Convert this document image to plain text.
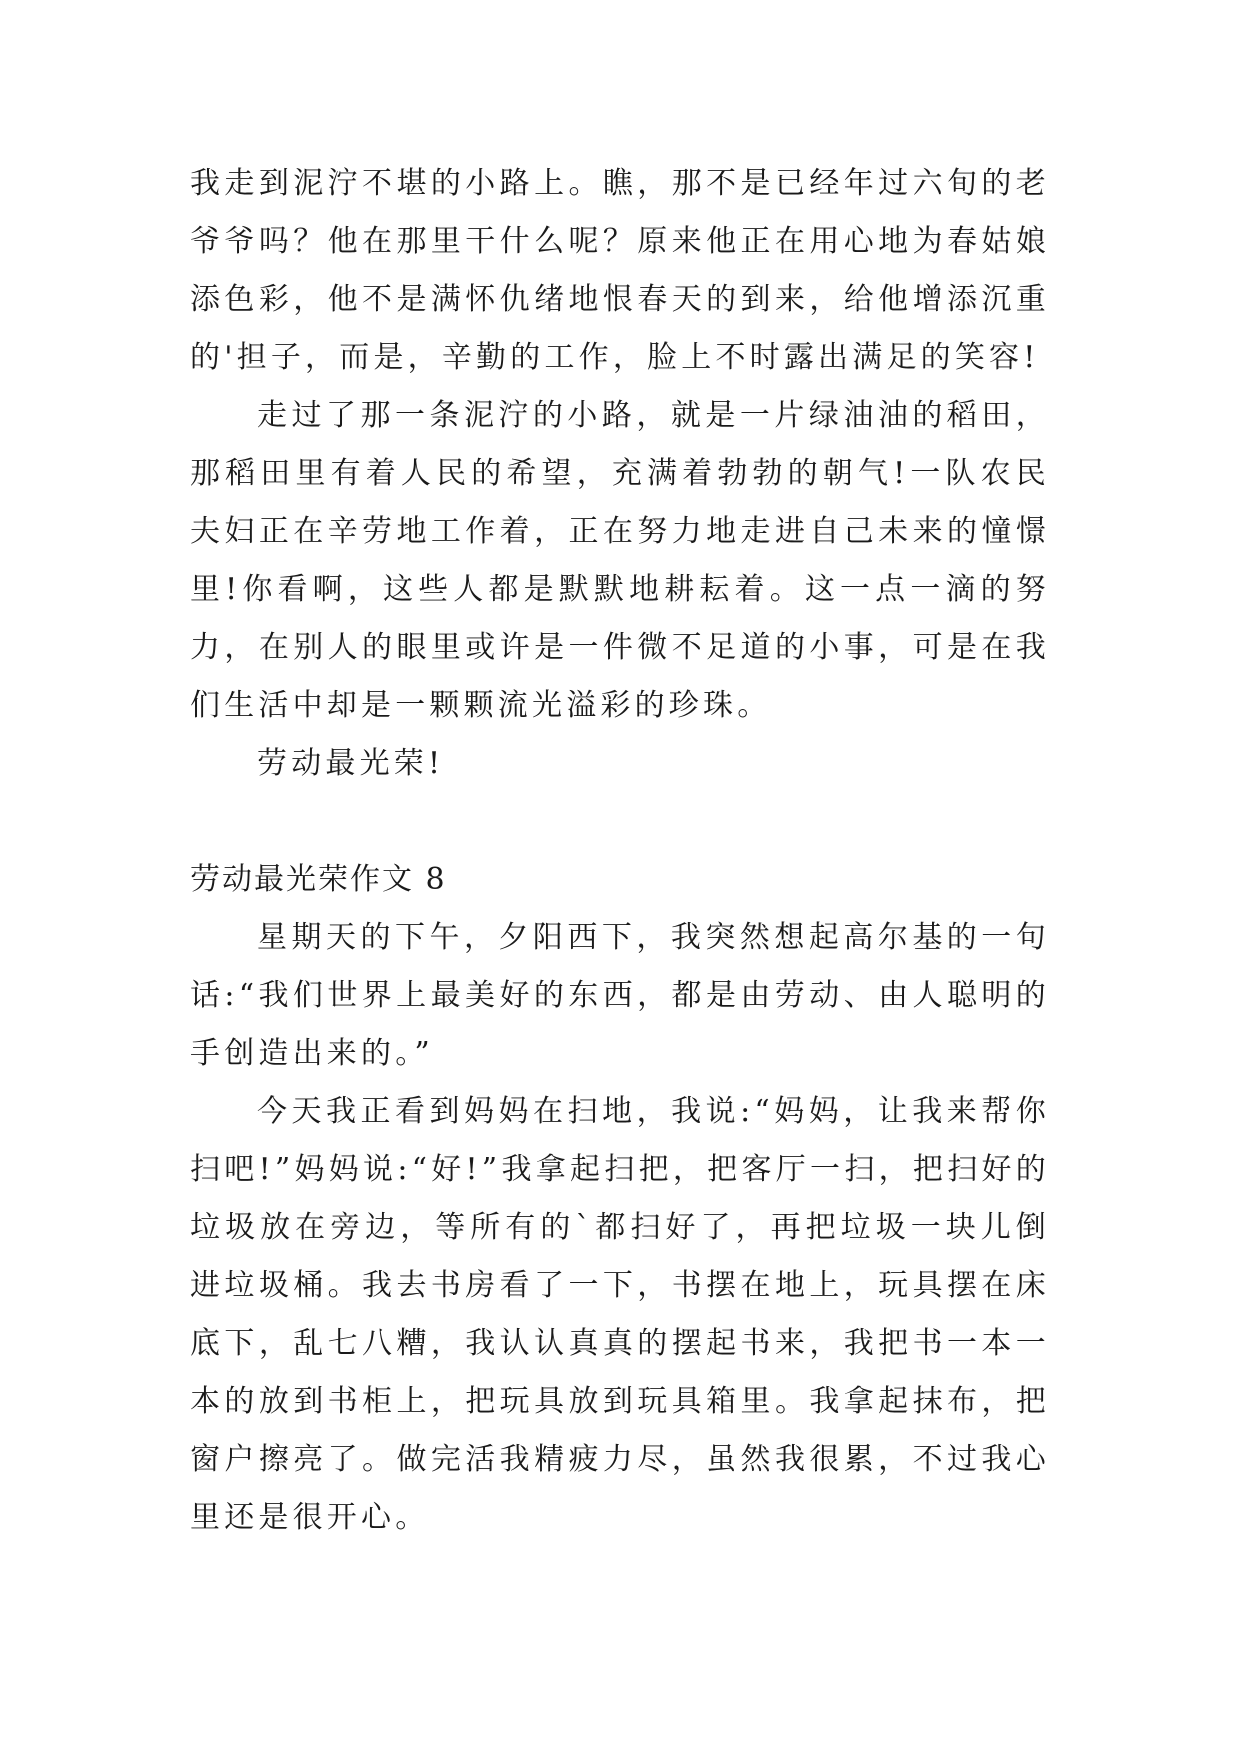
我走到泥泞不堪的小路上。瞧，那不是已经年过六旬的老爷爷吗？他在那里干什么呢？原来他正在用心地为春姑娘添色彩，他不是满怀仇绪地恨春天的到来，给他增添沉重的'担子，而是，辛勤的工作，脸上不时露出满足的笑容!

走过了那一条泥泞的小路，就是一片绿油油的稻田，那稻田里有着人民的希望，充满着勃勃的朝气!一队农民夫妇正在辛劳地工作着，正在努力地走进自己未来的憧憬里!你看啊，这些人都是默默地耕耘着。这一点一滴的努力，在别人的眼里或许是一件微不足道的小事，可是在我们生活中却是一颗颗流光溢彩的珍珠。

劳动最光荣!

劳动最光荣作文 8

星期天的下午，夕阳西下，我突然想起高尔基的一句话:“我们世界上最美好的东西，都是由劳动、由人聪明的手创造出来的。”

今天我正看到妈妈在扫地，我说:“妈妈，让我来帮你扫吧!”妈妈说:“好!”我拿起扫把，把客厅一扫，把扫好的垃圾放在旁边，等所有的`都扫好了，再把垃圾一块儿倒进垃圾桶。我去书房看了一下，书摆在地上，玩具摆在床底下，乱七八糟，我认认真真的摆起书来，我把书一本一本的放到书柜上，把玩具放到玩具箱里。我拿起抹布，把窗户擦亮了。做完活我精疲力尽，虽然我很累，不过我心里还是很开心。
